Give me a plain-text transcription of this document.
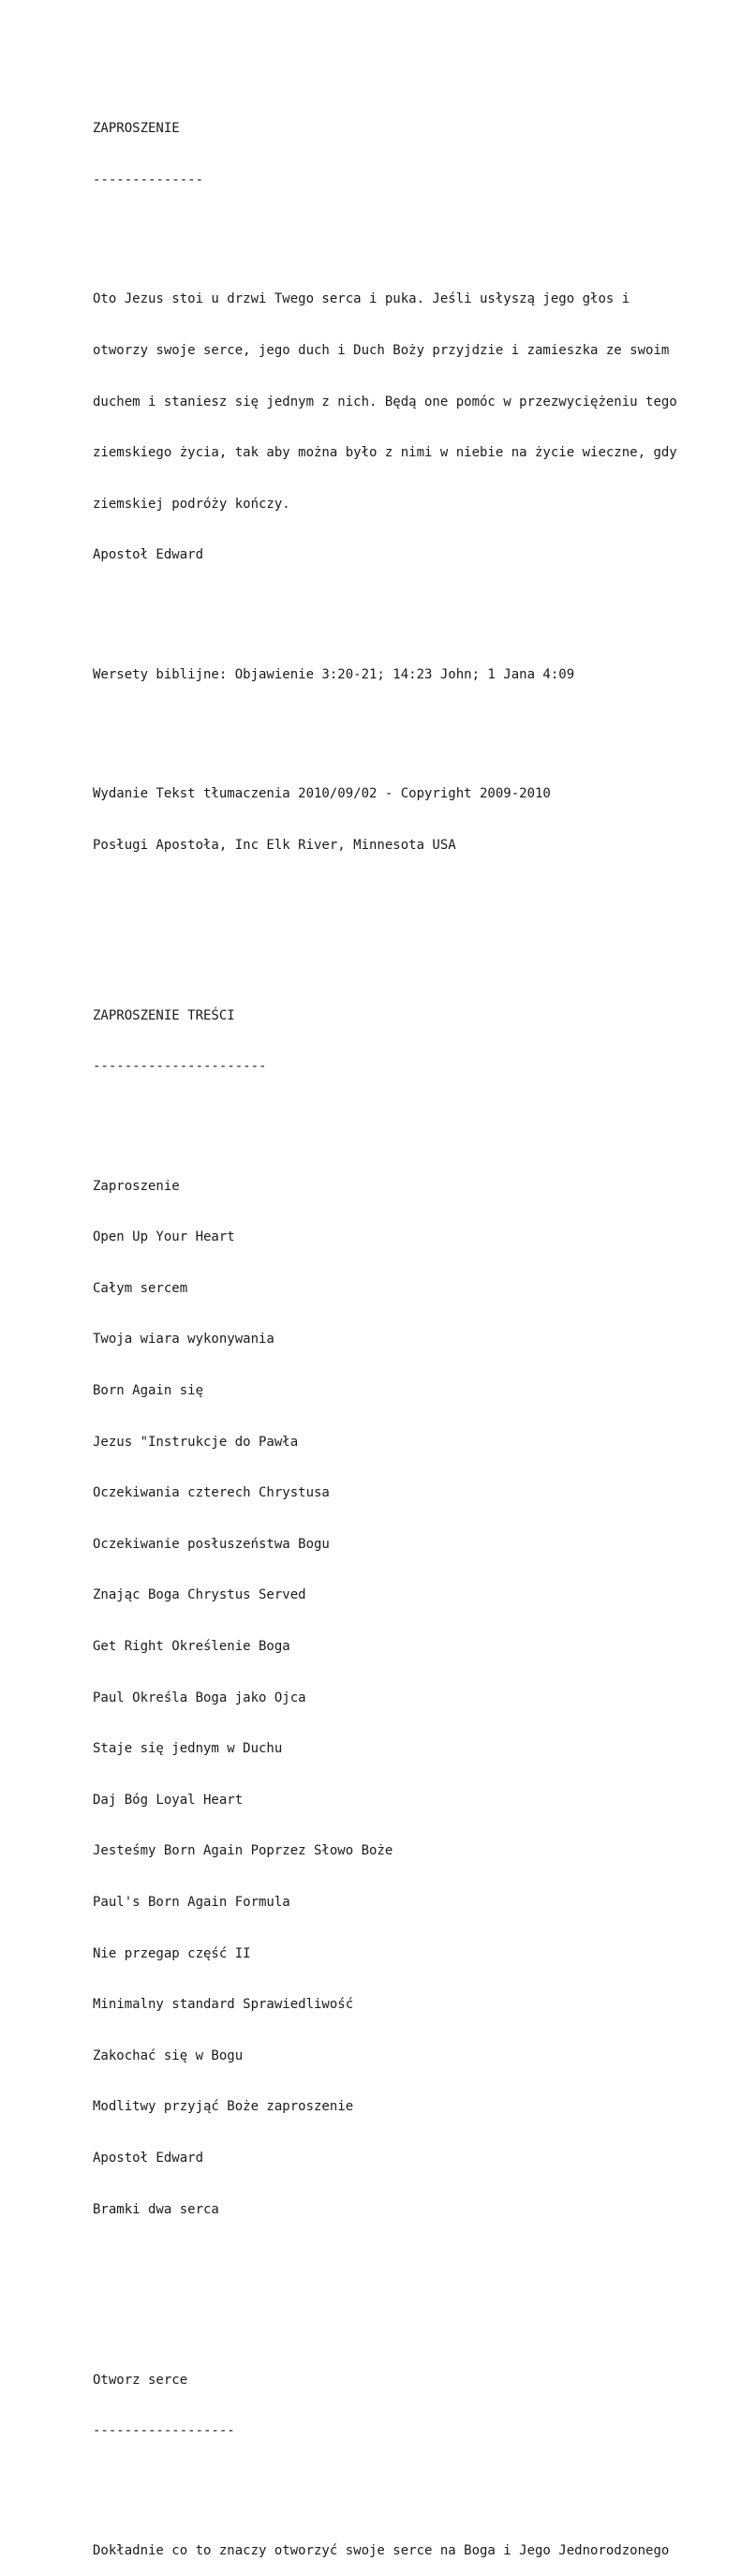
ZAPROSZENIE

--------------

Oto Jezus stoi u drzwi Twego serca i puka. Jeśli usłyszą jego głos i

otworzy swoje serce, jego duch i Duch Boży przyjdzie i zamieszka ze swoim

duchem i staniesz się jednym z nich. Będą one pomóc w przezwyciężeniu tego

ziemskiego życia, tak aby można było z nimi w niebie na życie wieczne, gdy

ziemskiej podróży kończy.

Apostoł Edward

Wersety biblijne: Objawienie 3:20-21; 14:23 John; 1 Jana 4:09

Wydanie Tekst tłumaczenia 2010/09/02 - Copyright 2009-2010

Posługi Apostoła, Inc Elk River, Minnesota USA

ZAPROSZENIE TREŚCI

----------------------

Zaproszenie

Open Up Your Heart

Całym sercem

Twoja wiara wykonywania

Born Again się

Jezus "Instrukcje do Pawła

Oczekiwania czterech Chrystusa

Oczekiwanie posłuszeństwa Bogu

Znając Boga Chrystus Served

Get Right Określenie Boga

Paul Określa Boga jako Ojca

Staje się jednym w Duchu

Daj Bóg Loyal Heart

Jesteśmy Born Again Poprzez Słowo Boże

Paul's Born Again Formula

Nie przegap część II

Minimalny standard Sprawiedliwość

Zakochać się w Bogu

Modlitwy przyjąć Boże zaproszenie

Apostoł Edward

Bramki dwa serca

Otworz serce

------------------

Dokładnie co to znaczy otworzyć swoje serce na Boga i Jego Jednorodzonego
